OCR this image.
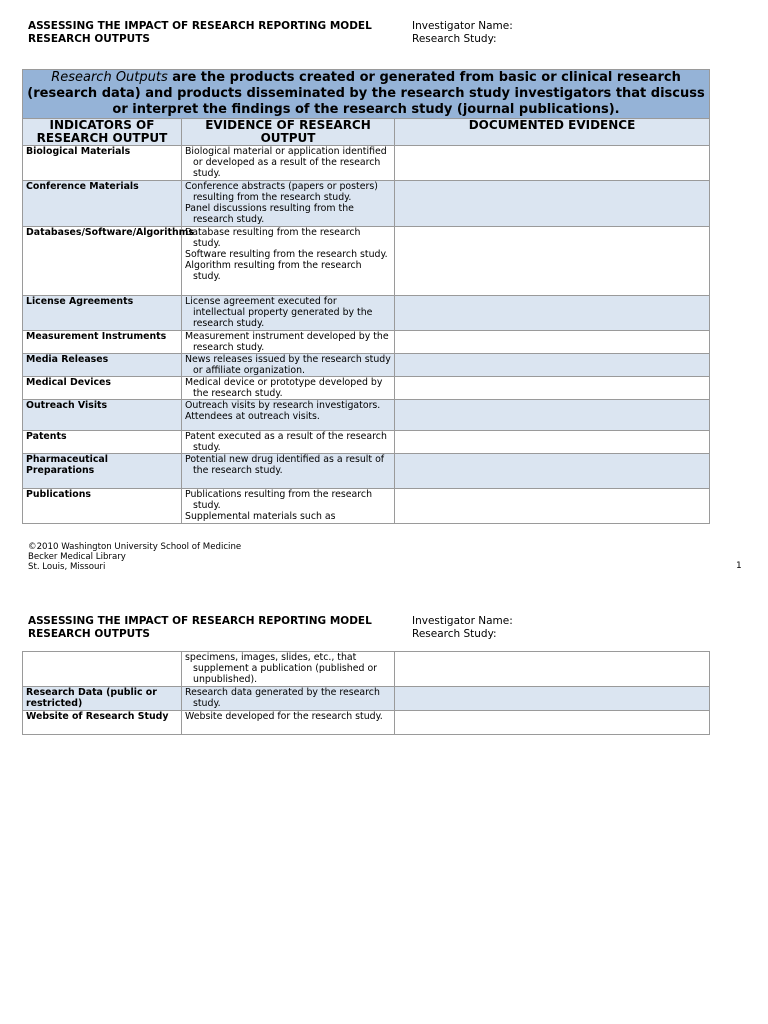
ASSESSING THE IMPACT OF RESEARCH REPORTING MODEL
RESEARCH OUTPUTS
Investigator Name:
Research Study:
Research Outputs are the products created or generated from basic or clinical research (research data) and products disseminated by the research study investigators that discuss or interpret the findings of the research study (journal publications).		
INDICATORS OF RESEARCH OUTPUT	EVIDENCE OF RESEARCH OUTPUT	DOCUMENTED EVIDENCE
Biological Materials	Biological material or application identified or developed as a result of the research study.	

Conference Materials	Conference abstracts (papers or posters) resulting from the research study.

Panel discussions resulting from the research study.	

Databases/Software/Algorithms	Database resulting from the research study.

Software resulting from the research study.

Algorithm resulting from the research study.	

License Agreements	License agreement executed for intellectual property generated by the research study.	

Measurement Instruments	Measurement instrument developed by the research study.	

Media Releases	News releases issued by the research study or affiliate organization.	

Medical Devices	Medical device or prototype developed by the research study.	

Outreach Visits	Outreach visits by research investigators.

Attendees at outreach visits.	

Patents	Patent executed as a result of the research study.	

Pharmaceutical Preparations	Potential new drug identified as a result of the research study.	

Publications	Publications resulting from the research study.

Supplemental materials such as	

©2010 Washington University School of Medicine
Becker Medical Library
St. Louis, Missouri	1
ASSESSING THE IMPACT OF RESEARCH REPORTING MODEL
RESEARCH OUTPUTS
Investigator Name:
Research Study:

	specimens, images, slides, etc., that supplement a publication (published or unpublished).	

Research Data (public or restricted)	Research data generated by the research study.	

Website of Research Study	Website developed for the research study.	
